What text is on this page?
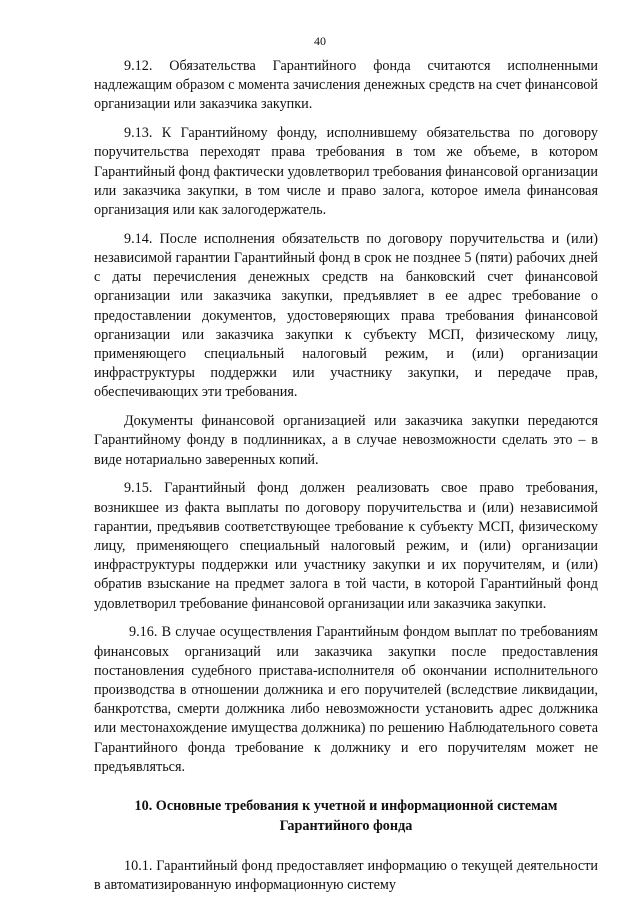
40

9.12. Обязательства Гарантийного фонда считаются исполненными надлежащим образом с момента зачисления денежных средств на счет финансовой организации или заказчика закупки.

9.13. К Гарантийному фонду, исполнившему обязательства по договору поручительства переходят права требования в том же объеме, в котором Гарантийный фонд фактически удовлетворил требования финансовой организации или заказчика закупки, в том числе и право залога, которое имела финансовая организация или как залогодержатель.

9.14. После исполнения обязательств по договору поручительства и (или) независимой гарантии Гарантийный фонд в срок не позднее 5 (пяти) рабочих дней с даты перечисления денежных средств на банковский счет финансовой организации или заказчика закупки, предъявляет в ее адрес требование о предоставлении документов, удостоверяющих права требования финансовой организации или заказчика закупки к субъекту МСП, физическому лицу, применяющего специальный налоговый режим, и (или) организации инфраструктуры поддержки или участнику закупки, и передаче прав, обеспечивающих эти требования.

Документы финансовой организацией или заказчика закупки передаются Гарантийному фонду в подлинниках, а в случае невозможности сделать это – в виде нотариально заверенных копий.

9.15. Гарантийный фонд должен реализовать свое право требования, возникшее из факта выплаты по договору поручительства и (или) независимой гарантии, предъявив соответствующее требование к субъекту МСП, физическому лицу, применяющего специальный налоговый режим, и (или) организации инфраструктуры поддержки или участнику закупки и их поручителям, и (или) обратив взыскание на предмет залога в той части, в которой Гарантийный фонд удовлетворил требование финансовой организации или заказчика закупки.

9.16. В случае осуществления Гарантийным фондом выплат по требованиям финансовых организаций или заказчика закупки после предоставления постановления судебного пристава-исполнителя об окончании исполнительного производства в отношении должника и его поручителей (вследствие ликвидации, банкротства, смерти должника либо невозможности установить адрес должника или местонахождение имущества должника) по решению Наблюдательного совета Гарантийного фонда требование к должнику и его поручителям может не предъявляться.

10. Основные требования к учетной и информационной системам
Гарантийного фонда

10.1. Гарантийный фонд предоставляет информацию о текущей деятельности в автоматизированную информационную систему
